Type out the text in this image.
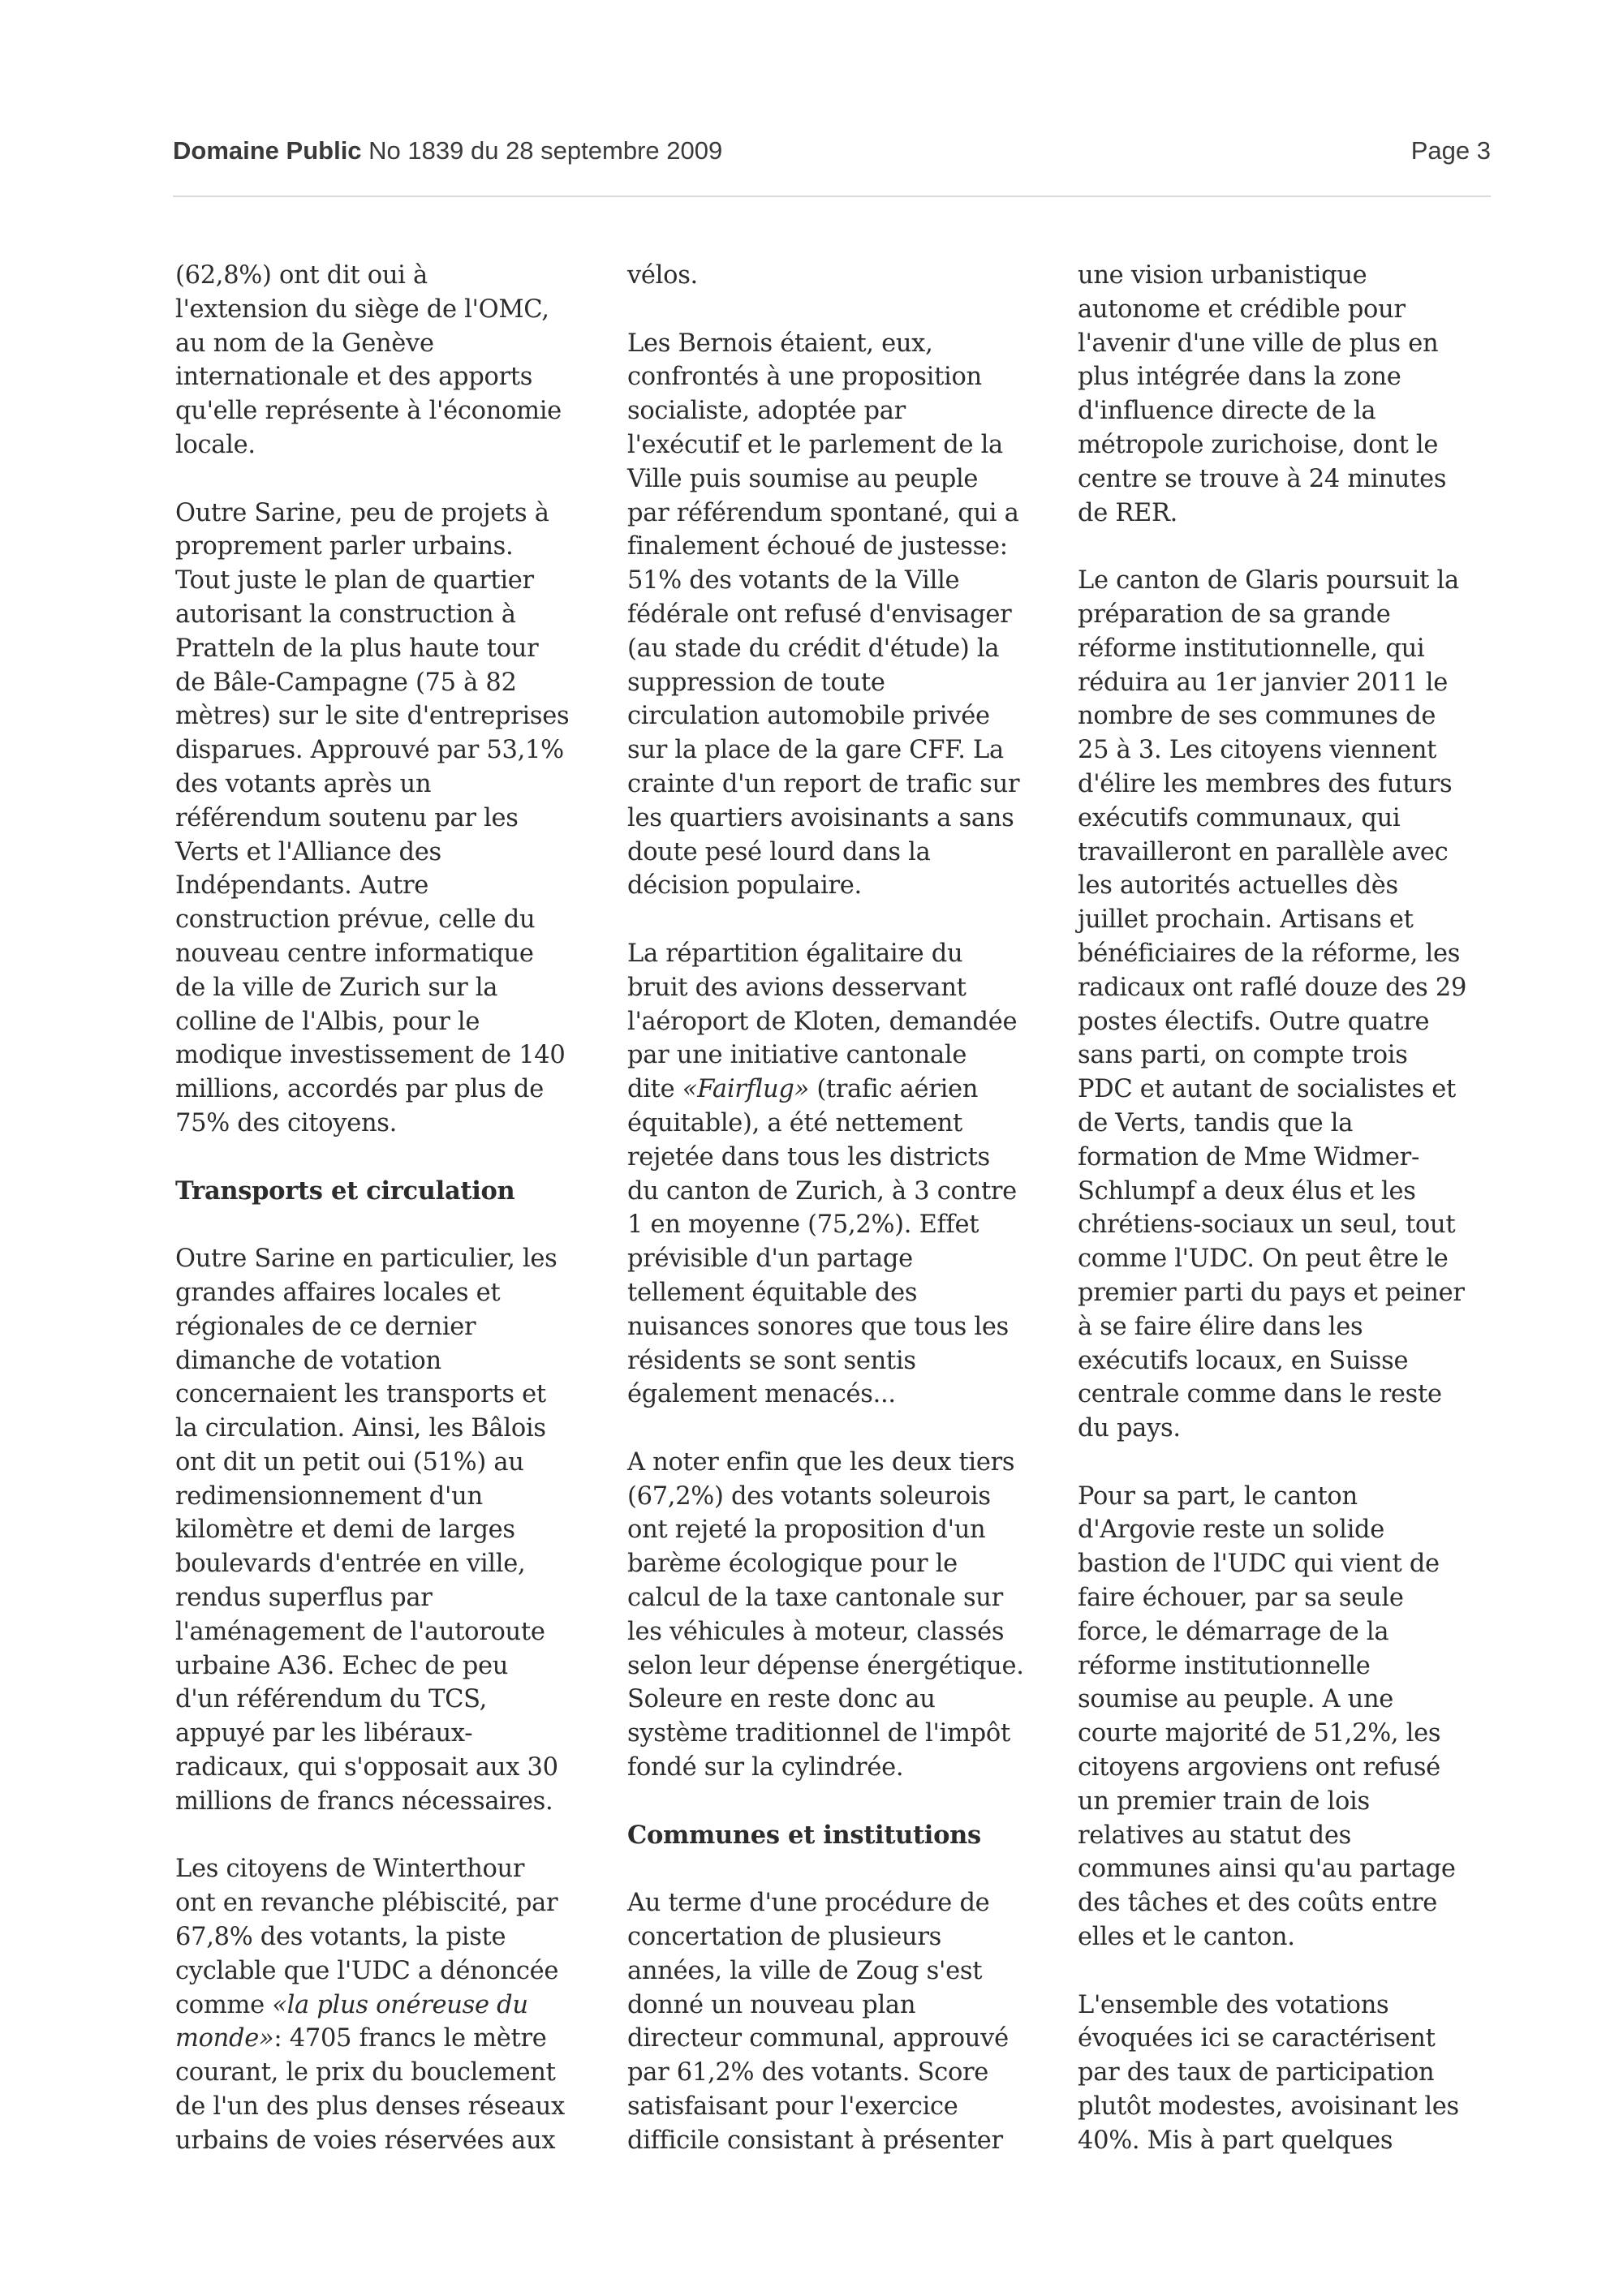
Domaine Public No 1839 du 28 septembre 2009	Page 3
(62,8%) ont dit oui à
l'extension du siège de l'OMC,
au nom de la Genève
internationale et des apports
qu'elle représente à l'économie
locale.
Outre Sarine, peu de projets à
proprement parler urbains.
Tout juste le plan de quartier
autorisant la construction à
Pratteln de la plus haute tour
de Bâle-Campagne (75 à 82
mètres) sur le site d'entreprises
disparues. Approuvé par 53,1%
des votants après un
référendum soutenu par les
Verts et l'Alliance des
Indépendants. Autre
construction prévue, celle du
nouveau centre informatique
de la ville de Zurich sur la
colline de l'Albis, pour le
modique investissement de 140
millions, accordés par plus de
75% des citoyens.
Transports et circulation
Outre Sarine en particulier, les
grandes affaires locales et
régionales de ce dernier
dimanche de votation
concernaient les transports et
la circulation. Ainsi, les Bâlois
ont dit un petit oui (51%) au
redimensionnement d'un
kilomètre et demi de larges
boulevards d'entrée en ville,
rendus superflus par
l'aménagement de l'autoroute
urbaine A36. Echec de peu
d'un référendum du TCS,
appuyé par les libéraux-
radicaux, qui s'opposait aux 30
millions de francs nécessaires.
Les citoyens de Winterthour
ont en revanche plébiscité, par
67,8% des votants, la piste
cyclable que l'UDC a dénoncée
comme «la plus onéreuse du
monde»: 4705 francs le mètre
courant, le prix du bouclement
de l'un des plus denses réseaux
urbains de voies réservées aux
vélos.
Les Bernois étaient, eux,
confrontés à une proposition
socialiste, adoptée par
l'exécutif et le parlement de la
Ville puis soumise au peuple
par référendum spontané, qui a
finalement échoué de justesse:
51% des votants de la Ville
fédérale ont refusé d'envisager
(au stade du crédit d'étude) la
suppression de toute
circulation automobile privée
sur la place de la gare CFF. La
crainte d'un report de trafic sur
les quartiers avoisinants a sans
doute pesé lourd dans la
décision populaire.
La répartition égalitaire du
bruit des avions desservant
l'aéroport de Kloten, demandée
par une initiative cantonale
dite «Fairflug» (trafic aérien
équitable), a été nettement
rejetée dans tous les districts
du canton de Zurich, à 3 contre
1 en moyenne (75,2%). Effet
prévisible d'un partage
tellement équitable des
nuisances sonores que tous les
résidents se sont sentis
également menacés...
A noter enfin que les deux tiers
(67,2%) des votants soleurois
ont rejeté la proposition d'un
barème écologique pour le
calcul de la taxe cantonale sur
les véhicules à moteur, classés
selon leur dépense énergétique.
Soleure en reste donc au
système traditionnel de l'impôt
fondé sur la cylindrée.
Communes et institutions
Au terme d'une procédure de
concertation de plusieurs
années, la ville de Zoug s'est
donné un nouveau plan
directeur communal, approuvé
par 61,2% des votants. Score
satisfaisant pour l'exercice
difficile consistant à présenter
une vision urbanistique
autonome et crédible pour
l'avenir d'une ville de plus en
plus intégrée dans la zone
d'influence directe de la
métropole zurichoise, dont le
centre se trouve à 24 minutes
de RER.
Le canton de Glaris poursuit la
préparation de sa grande
réforme institutionnelle, qui
réduira au 1er janvier 2011 le
nombre de ses communes de
25 à 3. Les citoyens viennent
d'élire les membres des futurs
exécutifs communaux, qui
travailleront en parallèle avec
les autorités actuelles dès
juillet prochain. Artisans et
bénéficiaires de la réforme, les
radicaux ont raflé douze des 29
postes électifs. Outre quatre
sans parti, on compte trois
PDC et autant de socialistes et
de Verts, tandis que la
formation de Mme Widmer-
Schlumpf a deux élus et les
chrétiens-sociaux un seul, tout
comme l'UDC. On peut être le
premier parti du pays et peiner
à se faire élire dans les
exécutifs locaux, en Suisse
centrale comme dans le reste
du pays.
Pour sa part, le canton
d'Argovie reste un solide
bastion de l'UDC qui vient de
faire échouer, par sa seule
force, le démarrage de la
réforme institutionnelle
soumise au peuple. A une
courte majorité de 51,2%, les
citoyens argoviens ont refusé
un premier train de lois
relatives au statut des
communes ainsi qu'au partage
des tâches et des coûts entre
elles et le canton.
L'ensemble des votations
évoquées ici se caractérisent
par des taux de participation
plutôt modestes, avoisinant les
40%. Mis à part quelques
